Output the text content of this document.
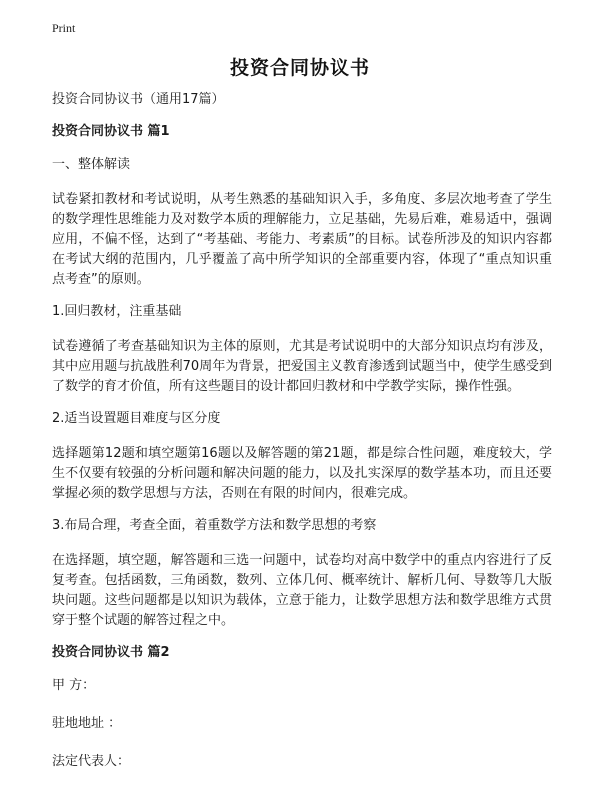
Print
投资合同协议书

投资合同协议书（通用17篇）

投资合同协议书 篇1

一、整体解读

试卷紧扣教材和考试说明，从考生熟悉的基础知识入手，多角度、多层次地考查了学生的数学理性思维能力及对数学本质的理解能力，立足基础，先易后难，难易适中，强调应用，不偏不怪，达到了“考基础、考能力、考素质”的目标。试卷所涉及的知识内容都在考试大纲的范围内，几乎覆盖了高中所学知识的全部重要内容，体现了“重点知识重点考查”的原则。

1.回归教材，注重基础

试卷遵循了考查基础知识为主体的原则，尤其是考试说明中的大部分知识点均有涉及，其中应用题与抗战胜利70周年为背景，把爱国主义教育渗透到试题当中，使学生感受到了数学的育才价值，所有这些题目的设计都回归教材和中学教学实际，操作性强。

2.适当设置题目难度与区分度

选择题第12题和填空题第16题以及解答题的第21题，都是综合性问题，难度较大，学生不仅要有较强的分析问题和解决问题的能力，以及扎实深厚的数学基本功，而且还要掌握必须的数学思想与方法，否则在有限的时间内，很难完成。

3.布局合理，考查全面，着重数学方法和数学思想的考察

在选择题，填空题，解答题和三选一问题中，试卷均对高中数学中的重点内容进行了反复考查。包括函数，三角函数，数列、立体几何、概率统计、解析几何、导数等几大版块问题。这些问题都是以知识为载体，立意于能力，让数学思想方法和数学思维方式贯穿于整个试题的解答过程之中。

投资合同协议书 篇2

甲 方：

驻地地址 ：

法定代表人：
